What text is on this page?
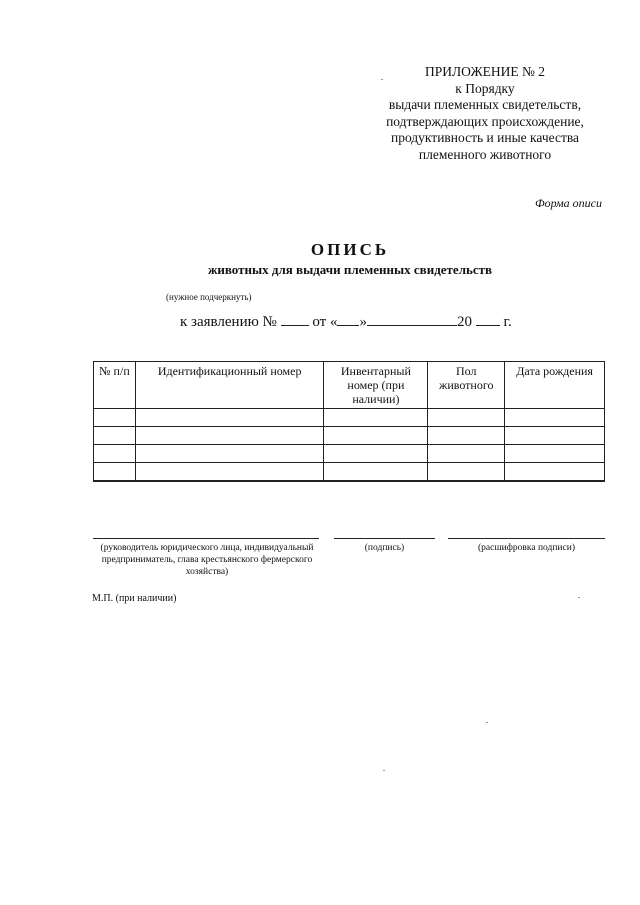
ПРИЛОЖЕНИЕ № 2
к Порядку
выдачи племенных свидетельств,
подтверждающих происхождение,
продуктивность и иные качества
племенного животного
Форма описи
ОПИСЬ
животных для выдачи племенных свидетельств
(нужное подчеркнуть)
к заявлению № от « »	20 г.
№ п/п	Идентификационный номер	Инвентарный номер (при наличии)	Пол животного	Дата рождения

(руководитель юридического лица, индивидуальный предприниматель, глава крестьянского фермерского хозяйства)
(подпись)	(расшифровка подписи)
М.П. (при наличии)
